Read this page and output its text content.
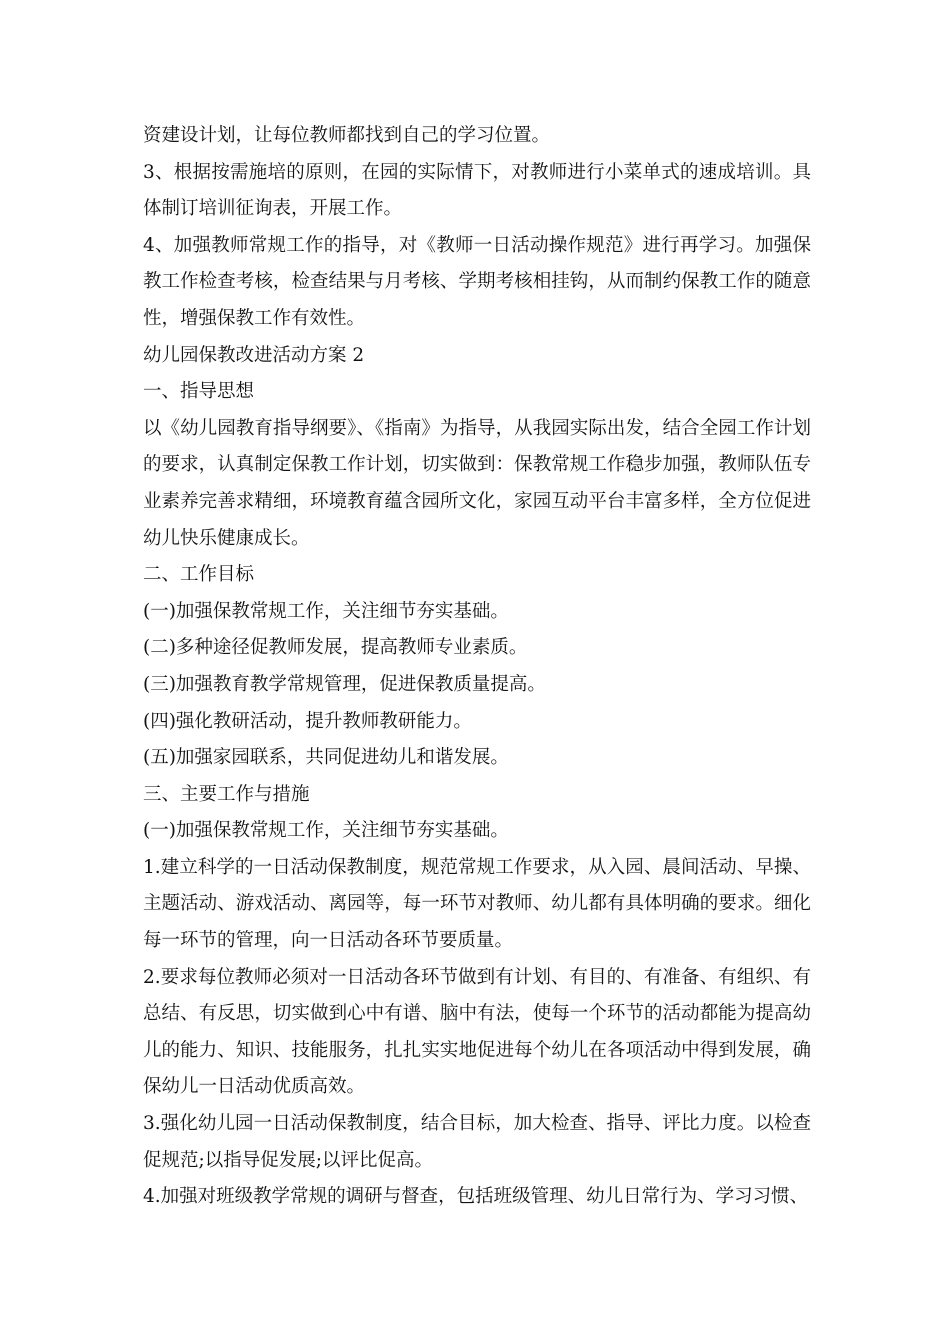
资建设计划，让每位教师都找到自己的学习位置。

3、根据按需施培的原则，在园的实际情下，对教师进行小菜单式的速成培训。具体制订培训征询表，开展工作。

4、加强教师常规工作的指导，对《教师一日活动操作规范》进行再学习。加强保教工作检查考核，检查结果与月考核、学期考核相挂钩，从而制约保教工作的随意性，增强保教工作有效性。

幼儿园保教改进活动方案 2

一、指导思想

以《幼儿园教育指导纲要》、《指南》为指导，从我园实际出发，结合全园工作计划的要求，认真制定保教工作计划，切实做到：保教常规工作稳步加强，教师队伍专业素养完善求精细，环境教育蕴含园所文化，家园互动平台丰富多样，全方位促进幼儿快乐健康成长。

二、工作目标

(一)加强保教常规工作，关注细节夯实基础。

(二)多种途径促教师发展，提高教师专业素质。

(三)加强教育教学常规管理，促进保教质量提高。

(四)强化教研活动，提升教师教研能力。

(五)加强家园联系，共同促进幼儿和谐发展。

三、主要工作与措施

(一)加强保教常规工作，关注细节夯实基础。

1.建立科学的一日活动保教制度，规范常规工作要求，从入园、晨间活动、早操、主题活动、游戏活动、离园等，每一环节对教师、幼儿都有具体明确的要求。细化每一环节的管理，向一日活动各环节要质量。

2.要求每位教师必须对一日活动各环节做到有计划、有目的、有准备、有组织、有总结、有反思，切实做到心中有谱、脑中有法，使每一个环节的活动都能为提高幼儿的能力、知识、技能服务，扎扎实实地促进每个幼儿在各项活动中得到发展，确保幼儿一日活动优质高效。

3.强化幼儿园一日活动保教制度，结合目标，加大检查、指导、评比力度。以检查促规范;以指导促发展;以评比促高。

4.加强对班级教学常规的调研与督查，包括班级管理、幼儿日常行为、学习习惯、
